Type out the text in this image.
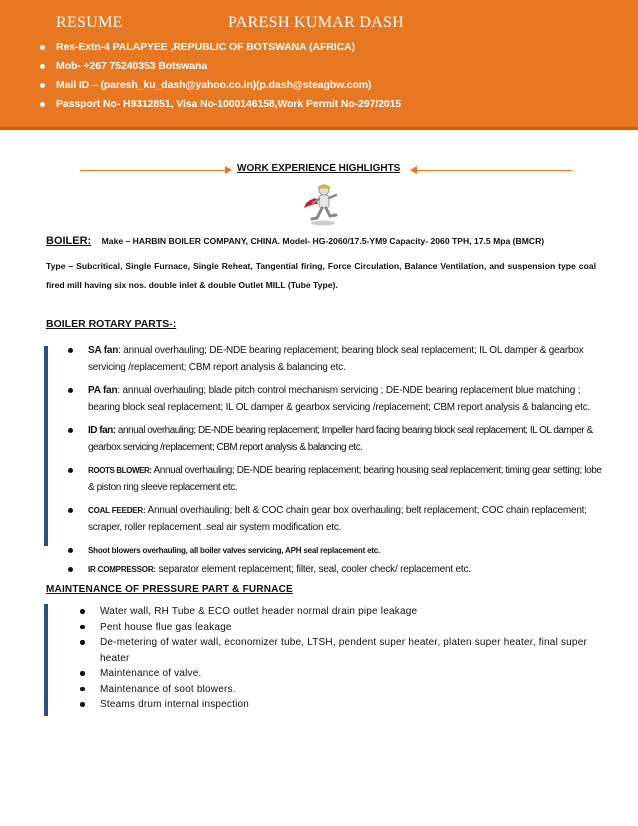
RESUME	PARESH KUMAR DASH
Res-Extn-4 PALAPYEE ,REPUBLIC OF BOTSWANA (AFRICA)
Mob- +267 75240353 Botswana
Mail ID – (paresh_ku_dash@yahoo.co.in)(p.dash@steagbw.com)
Passport No- H9312851, Visa No-1000146158,Work Permit No-297/2015
WORK EXPERIENCE HIGHLIGHTS
BOILER: Make – HARBIN BOILER COMPANY, CHINA. Model- HG-2060/17.5-YM9 Capacity- 2060 TPH, 17.5 Mpa (BMCR)
Type – Subcritical, Single Furnace, Single Reheat, Tangential firing, Force Circulation, Balance Ventilation, and suspension type coal fired mill having six nos. double inlet & double Outlet MILL (Tube Type).
BOILER ROTARY PARTS-:
SA fan: annual overhauling; DE-NDE bearing replacement; bearing block seal replacement; IL OL damper & gearbox servicing /replacement; CBM report analysis & balancing etc.
PA fan: annual overhauling; blade pitch control mechanism servicing ; DE-NDE bearing replacement blue matching ; bearing block seal replacement; IL OL damper & gearbox servicing /replacement; CBM report analysis & balancing etc.
ID fan: annual overhauling; DE-NDE bearing replacement; Impeller hard facing bearing block seal replacement; IL OL damper & gearbox servicing /replacement; CBM report analysis & balancing etc.
ROOTS BLOWER: Annual overhauling; DE-NDE bearing replacement; bearing housing seal replacement; timing gear setting; lobe & piston ring sleeve replacement etc.
COAL FEEDER: Annual overhauling; belt & COC chain gear box overhauling; belt replacement; COC chain replacement; scraper, roller replacement .seal air system modification etc.
Shoot blowers overhauling, all boiler valves servicing, APH seal replacement etc.
IR COMPRESSOR: separator element replacement; filter, seal, cooler check/ replacement etc.
MAINTENANCE OF PRESSURE PART & FURNACE
Water wall, RH Tube & ECO outlet header normal drain pipe leakage
Pent house flue gas leakage
De-metering of water wall, economizer tube, LTSH, pendent super heater, platen super heater, final super heater
Maintenance of valve.
Maintenance of soot blowers.
Steams drum internal inspection
